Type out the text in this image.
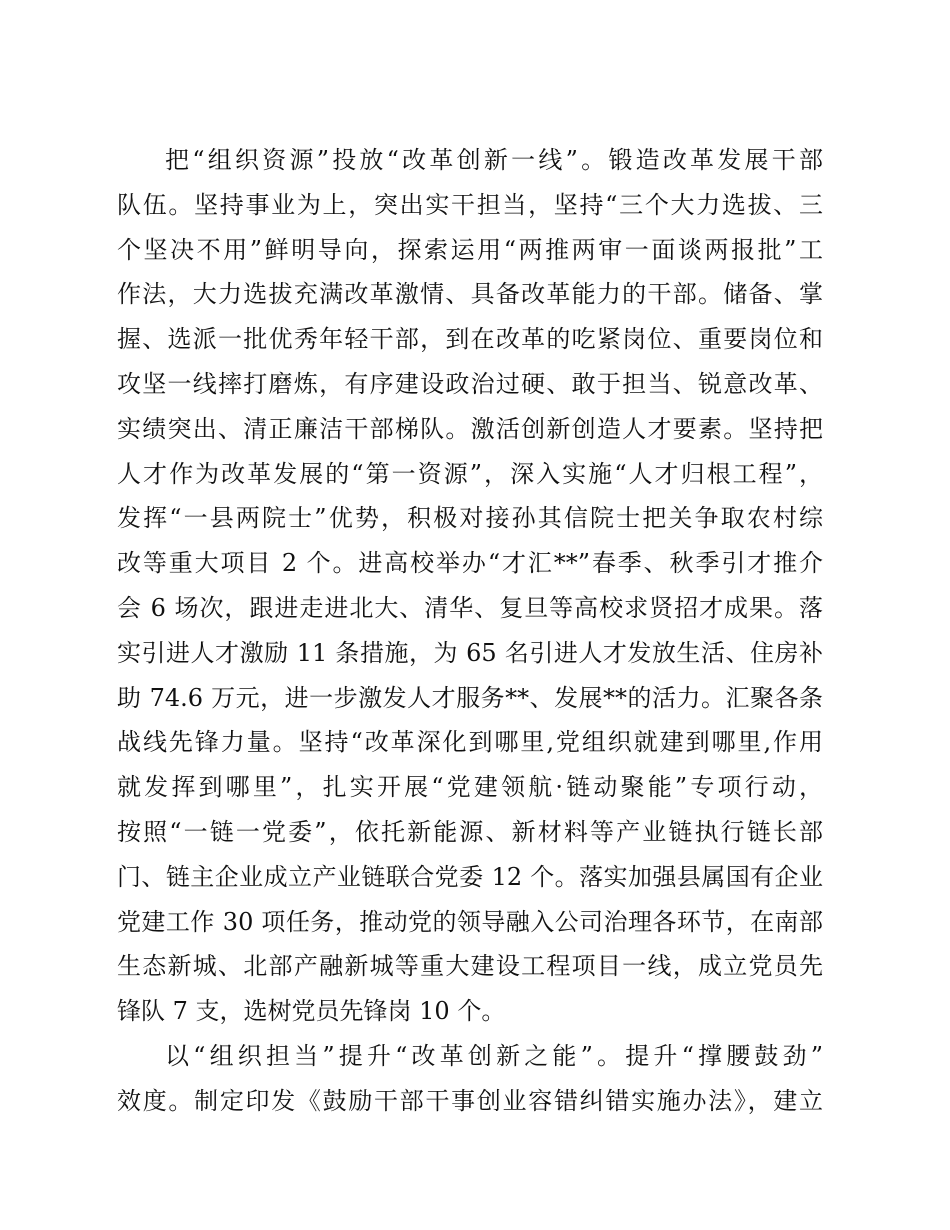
把“组织资源”投放“改革创新一线”。锻造改革发展干部
队伍。坚持事业为上，突出实干担当，坚持“三个大力选拔、三
个坚决不用”鲜明导向，探索运用“两推两审一面谈两报批”工
作法，大力选拔充满改革激情、具备改革能力的干部。储备、掌
握、选派一批优秀年轻干部，到在改革的吃紧岗位、重要岗位和
攻坚一线摔打磨炼，有序建设政治过硬、敢于担当、锐意改革、
实绩突出、清正廉洁干部梯队。激活创新创造人才要素。坚持把
人才作为改革发展的“第一资源”，深入实施“人才归根工程”，
发挥“一县两院士”优势，积极对接孙其信院士把关争取农村综
改等重大项目 2 个。进高校举办“才汇**”春季、秋季引才推介
会 6 场次，跟进走进北大、清华、复旦等高校求贤招才成果。落
实引进人才激励 11 条措施，为 65 名引进人才发放生活、住房补
助 74.6 万元，进一步激发人才服务**、发展**的活力。汇聚各条
战线先锋力量。坚持“改革深化到哪里,党组织就建到哪里,作用
就发挥到哪里”，扎实开展“党建领航·链动聚能”专项行动，
按照“一链一党委”，依托新能源、新材料等产业链执行链长部
门、链主企业成立产业链联合党委 12 个。落实加强县属国有企业
党建工作 30 项任务，推动党的领导融入公司治理各环节，在南部
生态新城、北部产融新城等重大建设工程项目一线，成立党员先
锋队 7 支，选树党员先锋岗 10 个。
以“组织担当”提升“改革创新之能”。提升“撑腰鼓劲”
效度。制定印发《鼓励干部干事创业容错纠错实施办法》，建立
